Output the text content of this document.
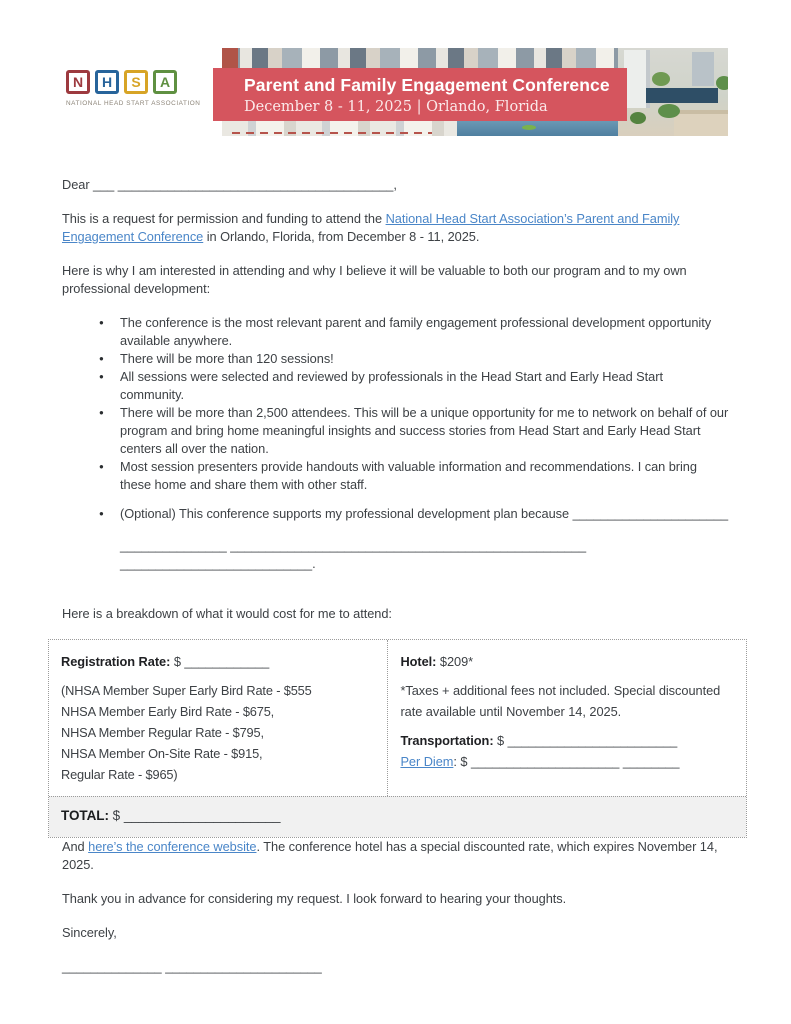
N	H	S	A
NATIONAL HEAD START ASSOCIATION
Parent and Family Engagement Conference
December 8 - 11, 2025 | Orlando, Florida

Dear ___ _______________________________________,

This is a request for permission and funding to attend the National Head Start Association’s Parent and Family Engagement Conference in Orlando, Florida, from December 8 - 11, 2025.

Here is why I am interested in attending and why I believe it will be valuable to both our program and to my own professional development:

● The conference is the most relevant parent and family engagement professional development opportunity available anywhere.
● There will be more than 120 sessions!
● All sessions were selected and reviewed by professionals in the Head Start and Early Head Start community.
● There will be more than 2,500 attendees. This will be a unique opportunity for me to network on behalf of our program and bring home meaningful insights and success stories from Head Start and Early Head Start centers all over the nation.
● Most session presenters provide handouts with valuable information and recommendations. I can bring these home and share them with other staff.
● (Optional) This conference supports my professional development plan because ______________________
_______________ __________________________________________________ ___________________________.

Here is a breakdown of what it would cost for me to attend:

Registration Rate: $ ____________

(NHSA Member Super Early Bird Rate - $555
NHSA Member Early Bird Rate - $675,
NHSA Member Regular Rate - $795,
NHSA Member On-Site Rate - $915,
Regular Rate - $965)

Hotel: $209*

*Taxes + additional fees not included. Special discounted rate available until November 14, 2025.

Transportation: $ ________________________

Per Diem: $ _____________________ ________

TOTAL: $ _____________________

And here’s the conference website. The conference hotel has a special discounted rate, which expires November 14, 2025.

Thank you in advance for considering my request. I look forward to hearing your thoughts.

Sincerely,

______________ ______________________
